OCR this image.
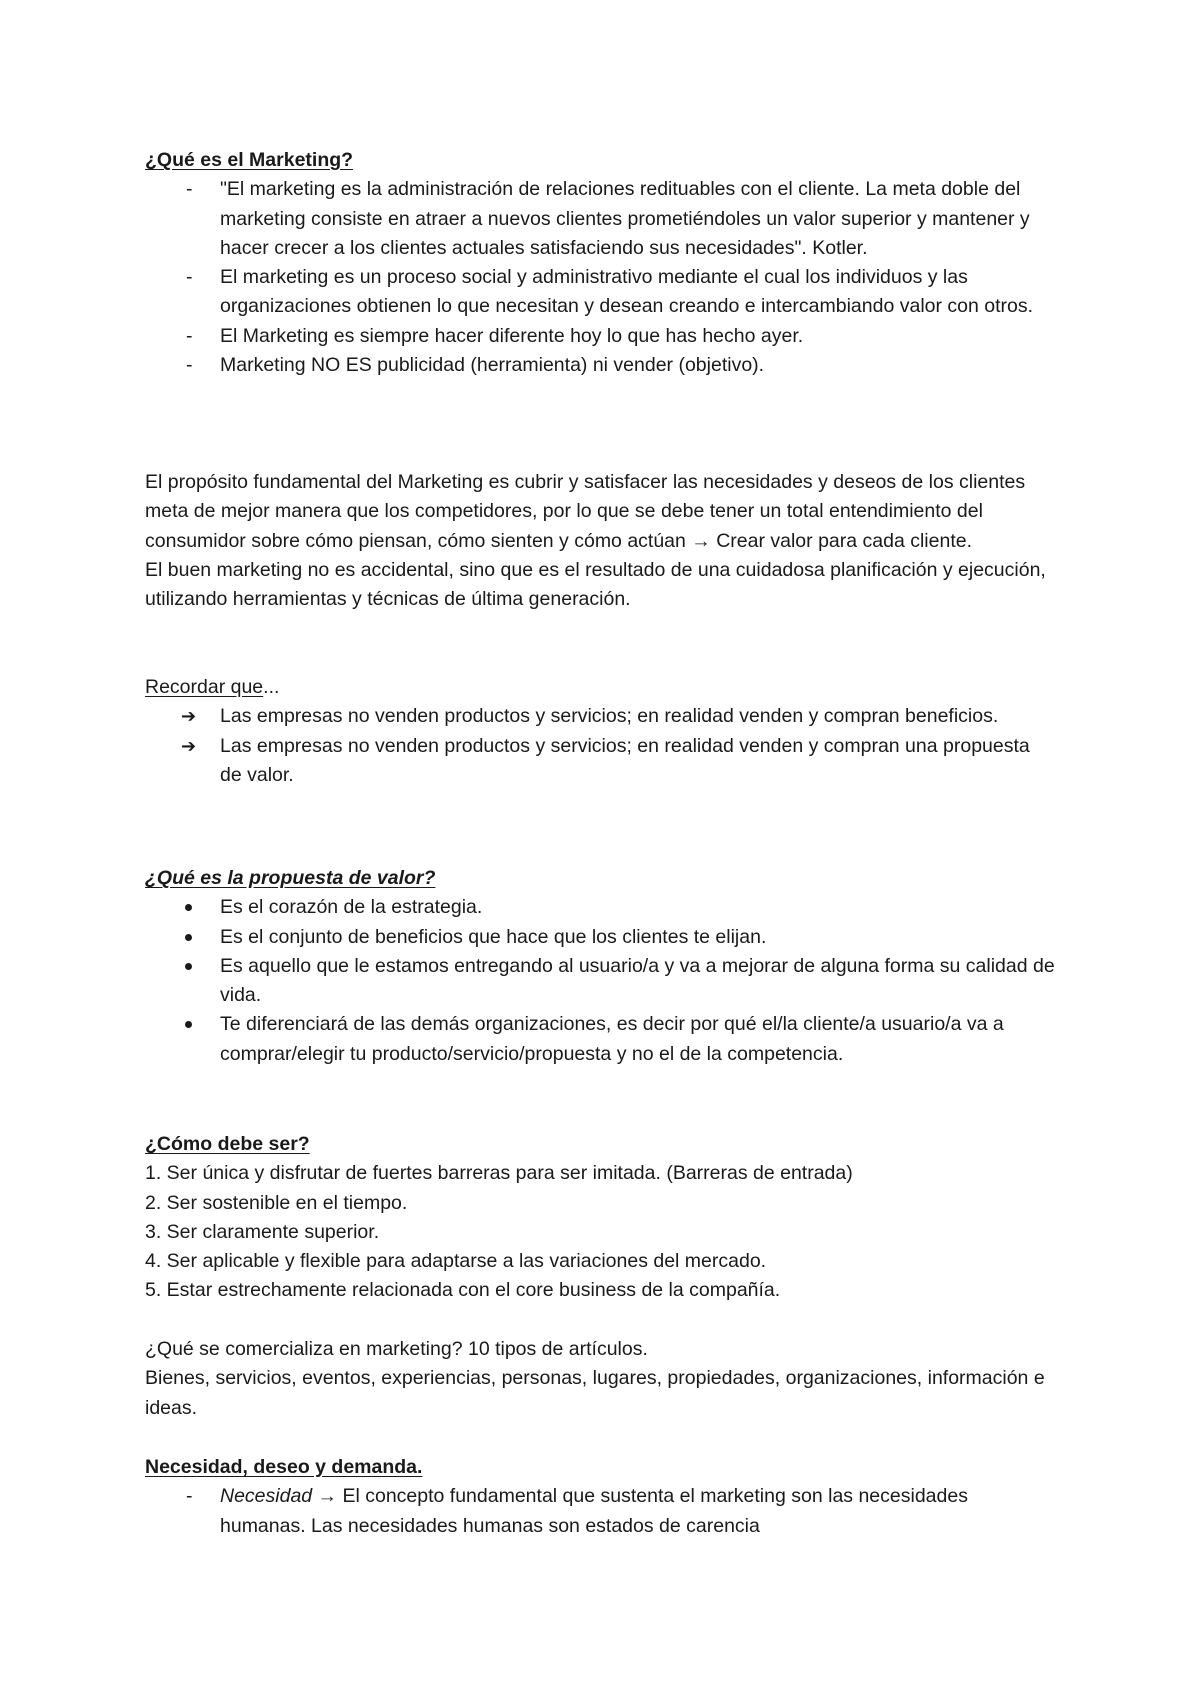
¿Qué es el Marketing?

-	"El marketing es la administración de relaciones redituables con el cliente. La meta doble del marketing consiste en atraer a nuevos clientes prometiéndoles un valor superior y mantener y hacer crecer a los clientes actuales satisfaciendo sus necesidades". Kotler.
-	El marketing es un proceso social y administrativo mediante el cual los individuos y las organizaciones obtienen lo que necesitan y desean creando e intercambiando valor con otros.
-	El Marketing es siempre hacer diferente hoy lo que has hecho ayer.
-	Marketing NO ES publicidad (herramienta) ni vender (objetivo).

El propósito fundamental del Marketing es cubrir y satisfacer las necesidades y deseos de los clientes meta de mejor manera que los competidores, por lo que se debe tener un total entendimiento del consumidor sobre cómo piensan, cómo sienten y cómo actúan → Crear valor para cada cliente.

El buen marketing no es accidental, sino que es el resultado de una cuidadosa planificación y ejecución, utilizando herramientas y técnicas de última generación.

Recordar que...

➔	Las empresas no venden productos y servicios; en realidad venden y compran beneficios.
➔	Las empresas no venden productos y servicios; en realidad venden y compran una propuesta de valor.

¿Qué es la propuesta de valor?

Es el corazón de la estrategia.
Es el conjunto de beneficios que hace que los clientes te elijan.
Es aquello que le estamos entregando al usuario/a y va a mejorar de alguna forma su calidad de vida.
Te diferenciará de las demás organizaciones, es decir por qué el/la cliente/a usuario/a va a comprar/elegir tu producto/servicio/propuesta y no el de la competencia.

¿Cómo debe ser?

1. Ser única y disfrutar de fuertes barreras para ser imitada. (Barreras de entrada)

2. Ser sostenible en el tiempo.

3. Ser claramente superior.

4. Ser aplicable y flexible para adaptarse a las variaciones del mercado.

5. Estar estrechamente relacionada con el core business de la compañía.

¿Qué se comercializa en marketing? 10 tipos de artículos.

Bienes, servicios, eventos, experiencias, personas, lugares, propiedades, organizaciones, información e ideas.

Necesidad, deseo y demanda.

-	Necesidad → El concepto fundamental que sustenta el marketing son las necesidades humanas. Las necesidades humanas son estados de carencia
